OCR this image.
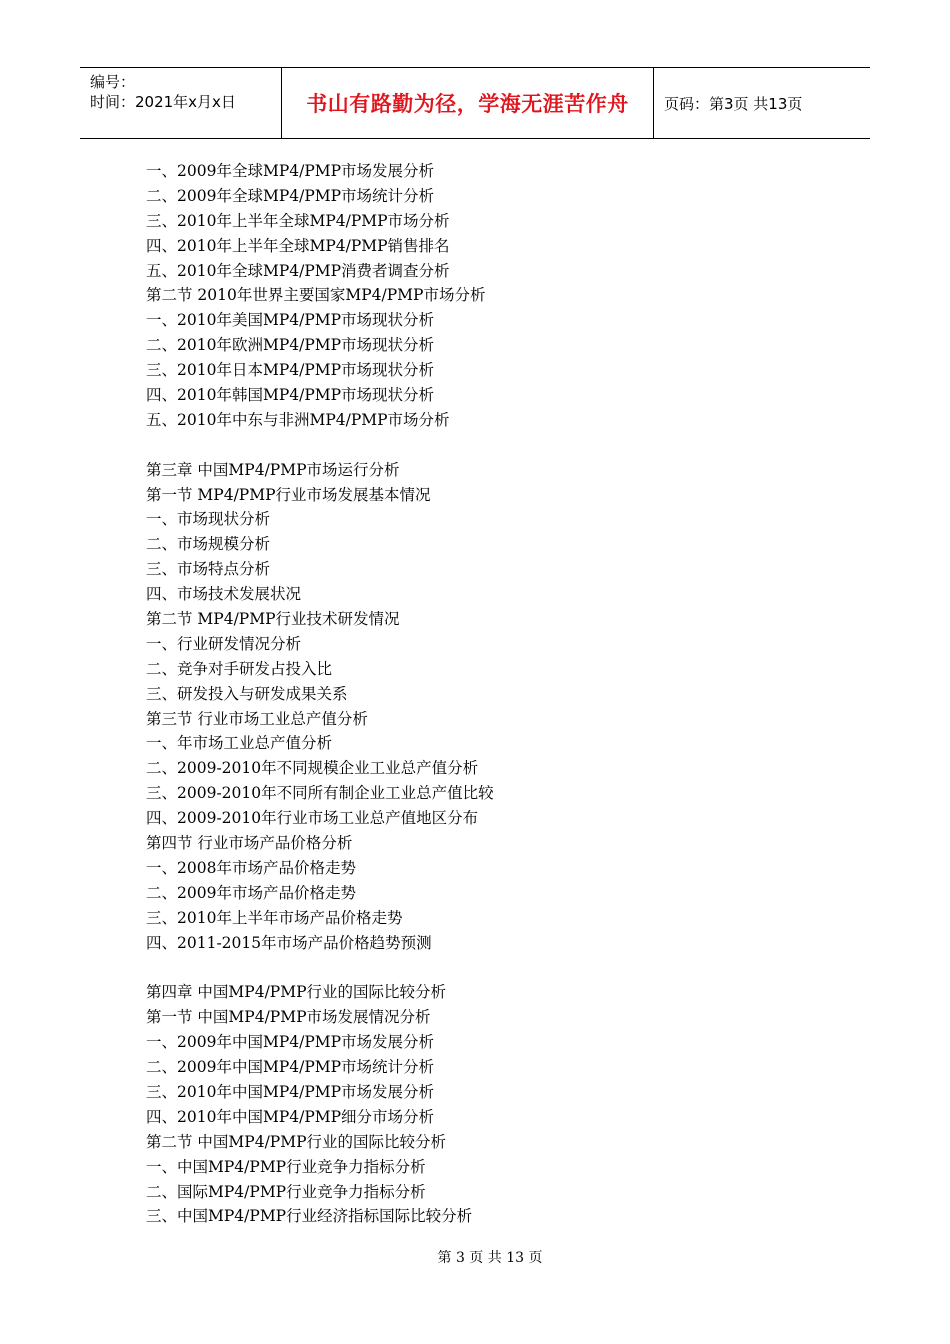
编号：
时间：2021年x月x日	书山有路勤为径，学海无涯苦作舟	页码：第3页 共13页
一、2009年全球MP4/PMP市场发展分析
二、2009年全球MP4/PMP市场统计分析
三、2010年上半年全球MP4/PMP市场分析
四、2010年上半年全球MP4/PMP销售排名
五、2010年全球MP4/PMP消费者调查分析
第二节 2010年世界主要国家MP4/PMP市场分析
一、2010年美国MP4/PMP市场现状分析
二、2010年欧洲MP4/PMP市场现状分析
三、2010年日本MP4/PMP市场现状分析
四、2010年韩国MP4/PMP市场现状分析
五、2010年中东与非洲MP4/PMP市场分析
第三章 中国MP4/PMP市场运行分析
第一节 MP4/PMP行业市场发展基本情况
一、市场现状分析
二、市场规模分析
三、市场特点分析
四、市场技术发展状况
第二节 MP4/PMP行业技术研发情况
一、行业研发情况分析
二、竞争对手研发占投入比
三、研发投入与研发成果关系
第三节 行业市场工业总产值分析
一、年市场工业总产值分析
二、2009-2010年不同规模企业工业总产值分析
三、2009-2010年不同所有制企业工业总产值比较
四、2009-2010年行业市场工业总产值地区分布
第四节 行业市场产品价格分析
一、2008年市场产品价格走势
二、2009年市场产品价格走势
三、2010年上半年市场产品价格走势
四、2011-2015年市场产品价格趋势预测
第四章 中国MP4/PMP行业的国际比较分析
第一节 中国MP4/PMP市场发展情况分析
一、2009年中国MP4/PMP市场发展分析
二、2009年中国MP4/PMP市场统计分析
三、2010年中国MP4/PMP市场发展分析
四、2010年中国MP4/PMP细分市场分析
第二节 中国MP4/PMP行业的国际比较分析
一、中国MP4/PMP行业竞争力指标分析
二、国际MP4/PMP行业竞争力指标分析
三、中国MP4/PMP行业经济指标国际比较分析
第 3 页 共 13 页
